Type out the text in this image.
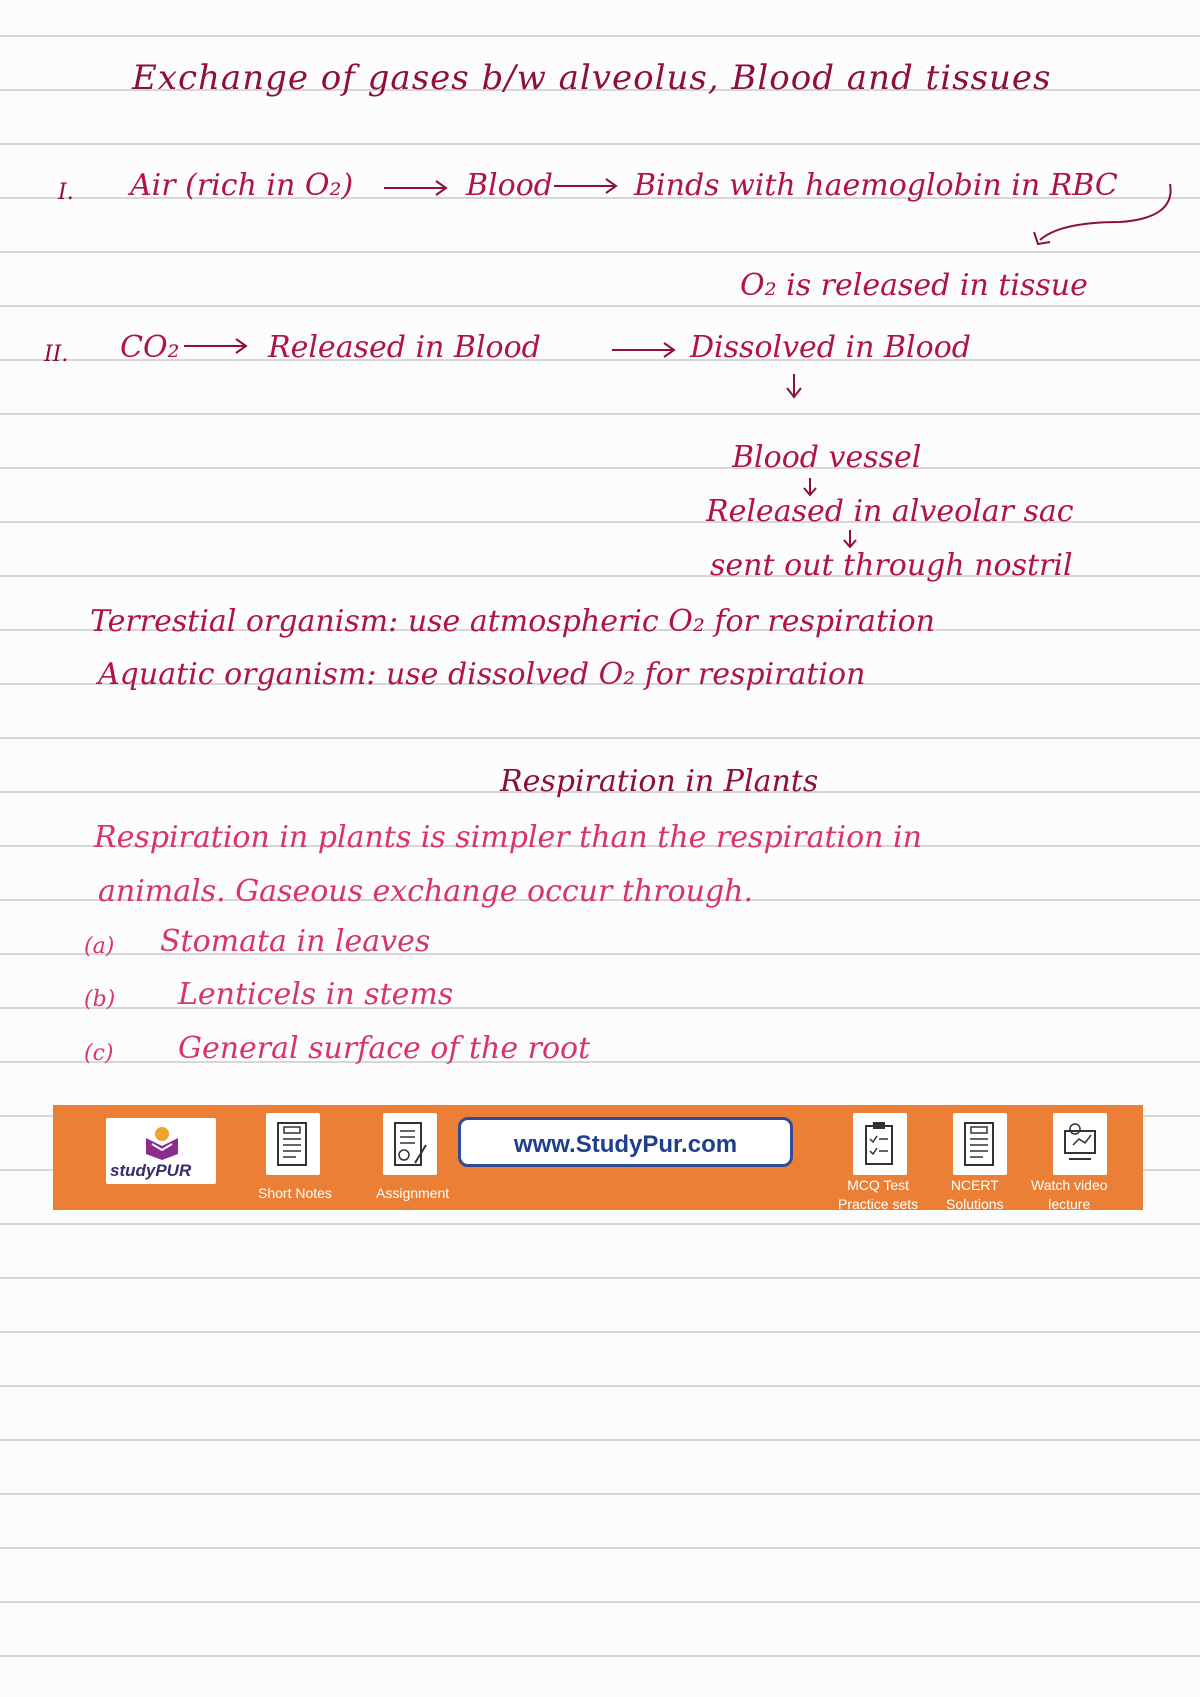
Exchange of gases b/w alveolus, Blood and tissues
I. Air (rich in O₂)	Blood	Binds with haemoglobin in RBC
O₂ is released in tissue
II. CO₂	Released in Blood	Dissolved in Blood
Blood vessel
Released in alveolar sac
sent out through nostril
Terrestial organism: use atmospheric O₂ for respiration
Aquatic organism: use dissolved O₂ for respiration
Respiration in Plants
Respiration in plants is simpler than the respiration in
animals. Gaseous exchange occur through.
(a) Stomata in leaves
(b) Lenticels in stems
(c) General surface of the root
studyPUR
Short Notes	Assignment
www.StudyPur.com
MCQ Test
Practice sets
NCERT
Solutions
Watch video
lecture
